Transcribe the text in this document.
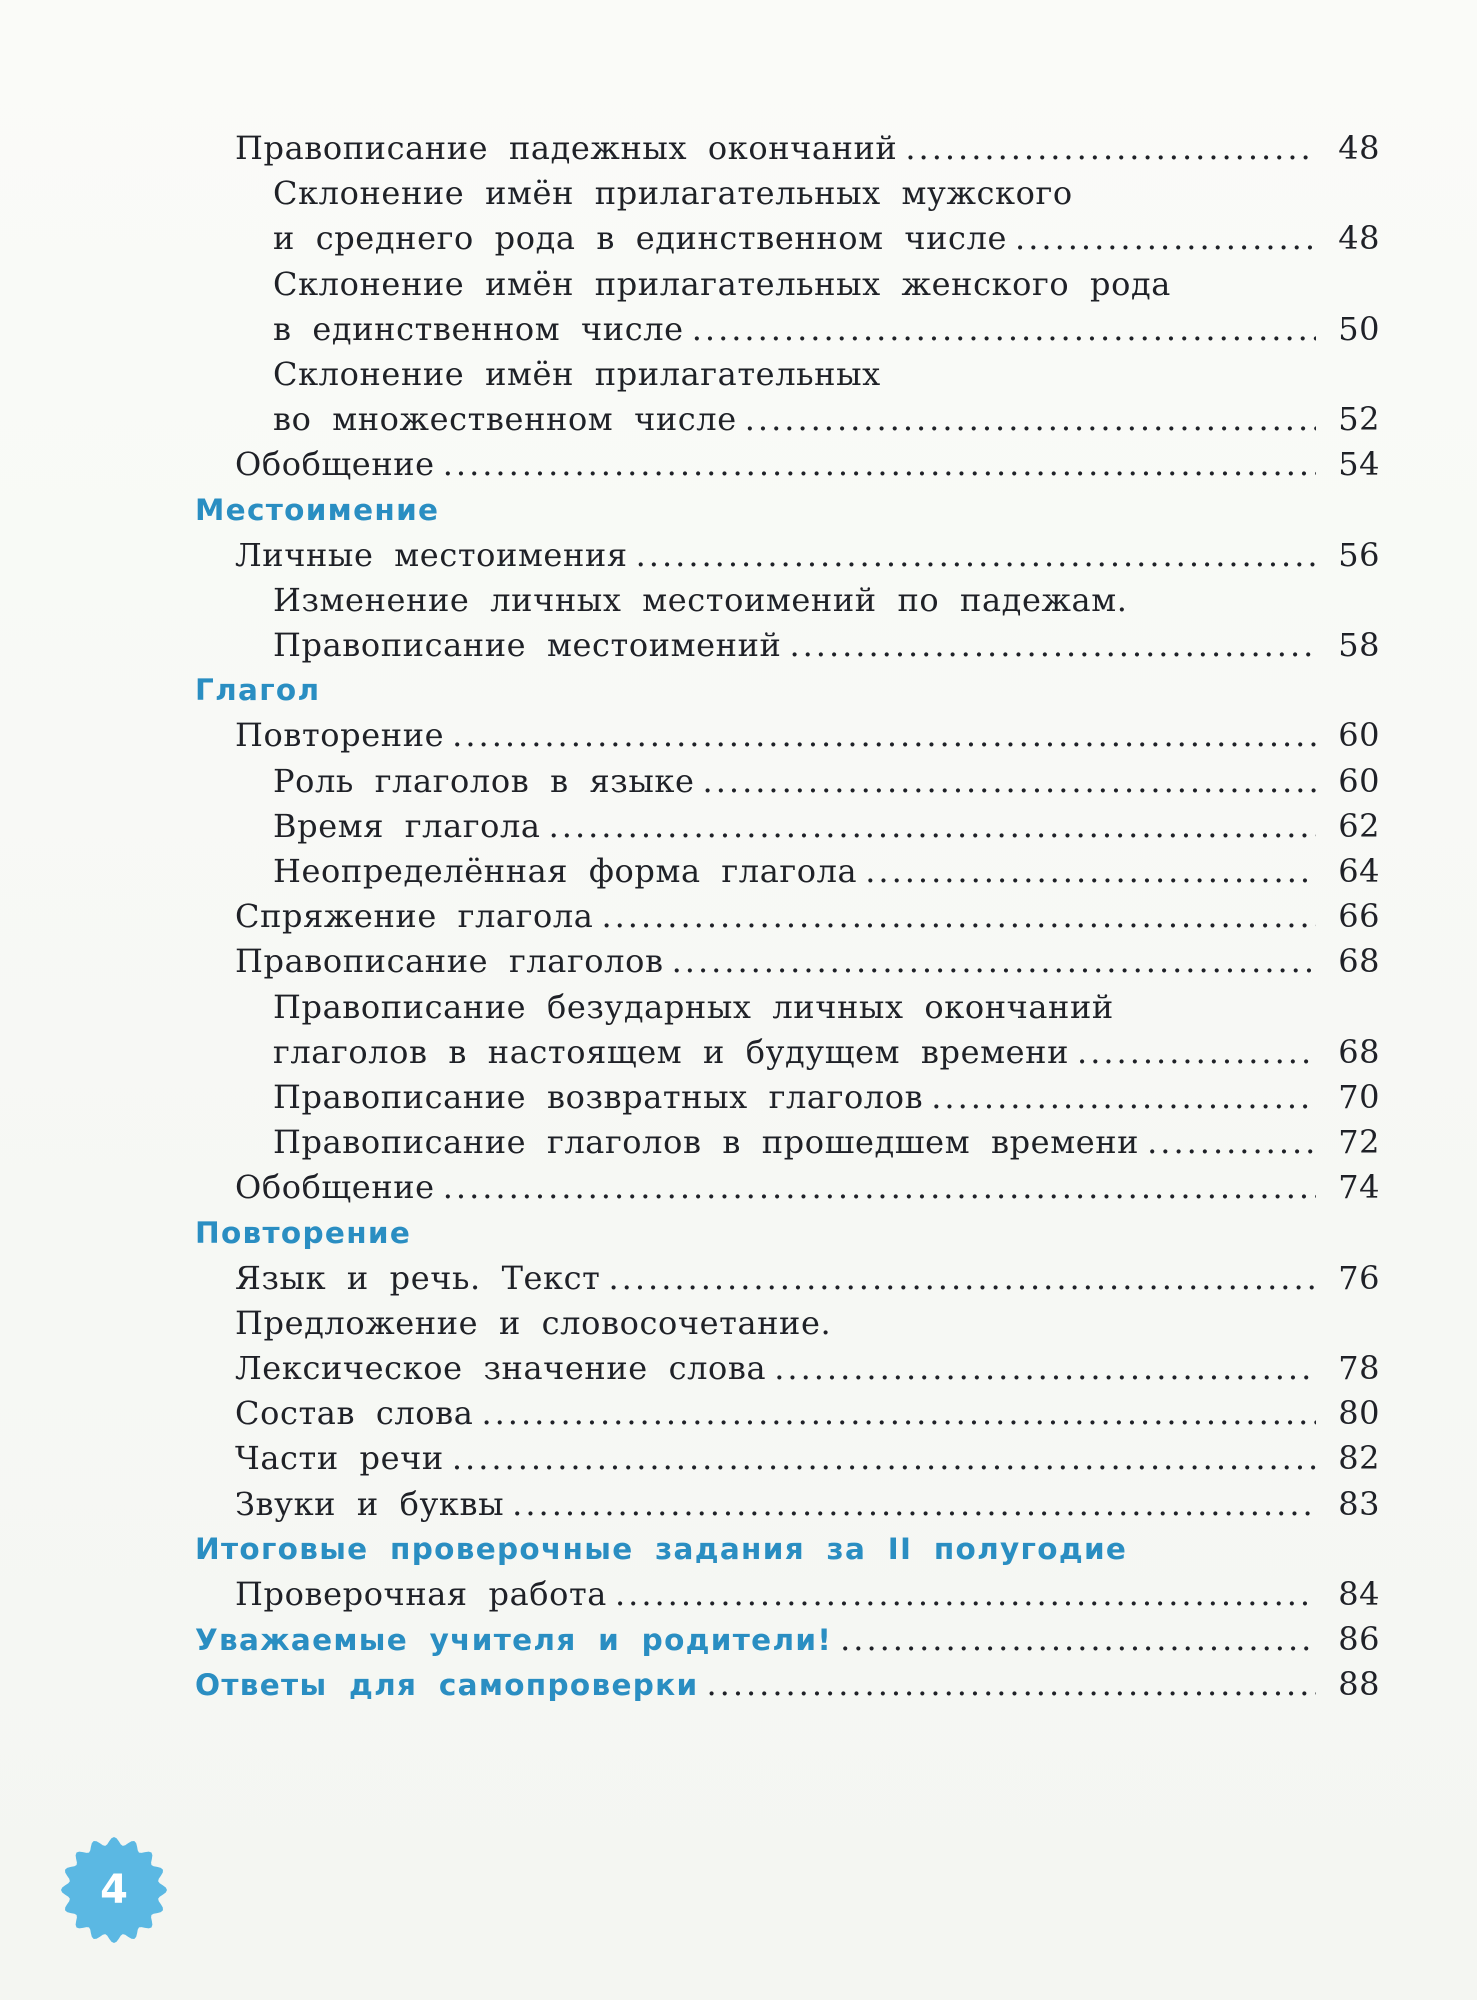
Правописание падежных окончаний .....	48
Склонение имён прилагательных мужского
и среднего рода в единственном числе .....	48
Склонение имён прилагательных женского рода
в единственном числе .....	50
Склонение имён прилагательных
во множественном числе .....	52
Обобщение .....	54
Местоимение
Личные местоимения .....	56
Изменение личных местоимений по падежам.
Правописание местоимений .....	58
Глагол
Повторение .....	60
Роль глаголов в языке .....	60
Время глагола .....	62
Неопределённая форма глагола .....	64
Спряжение глагола .....	66
Правописание глаголов .....	68
Правописание безударных личных окончаний
глаголов в настоящем и будущем времени .....	68
Правописание возвратных глаголов .....	70
Правописание глаголов в прошедшем времени .....	72
Обобщение .....	74
Повторение
Язык и речь. Текст .....	76
Предложение и словосочетание.
Лексическое значение слова .....	78
Состав слова .....	80
Части речи .....	82
Звуки и буквы .....	83
Итоговые проверочные задания за II полугодие
Проверочная работа .....	84
Уважаемые учителя и родители! .....	86
Ответы для самопроверки .....	88
4
